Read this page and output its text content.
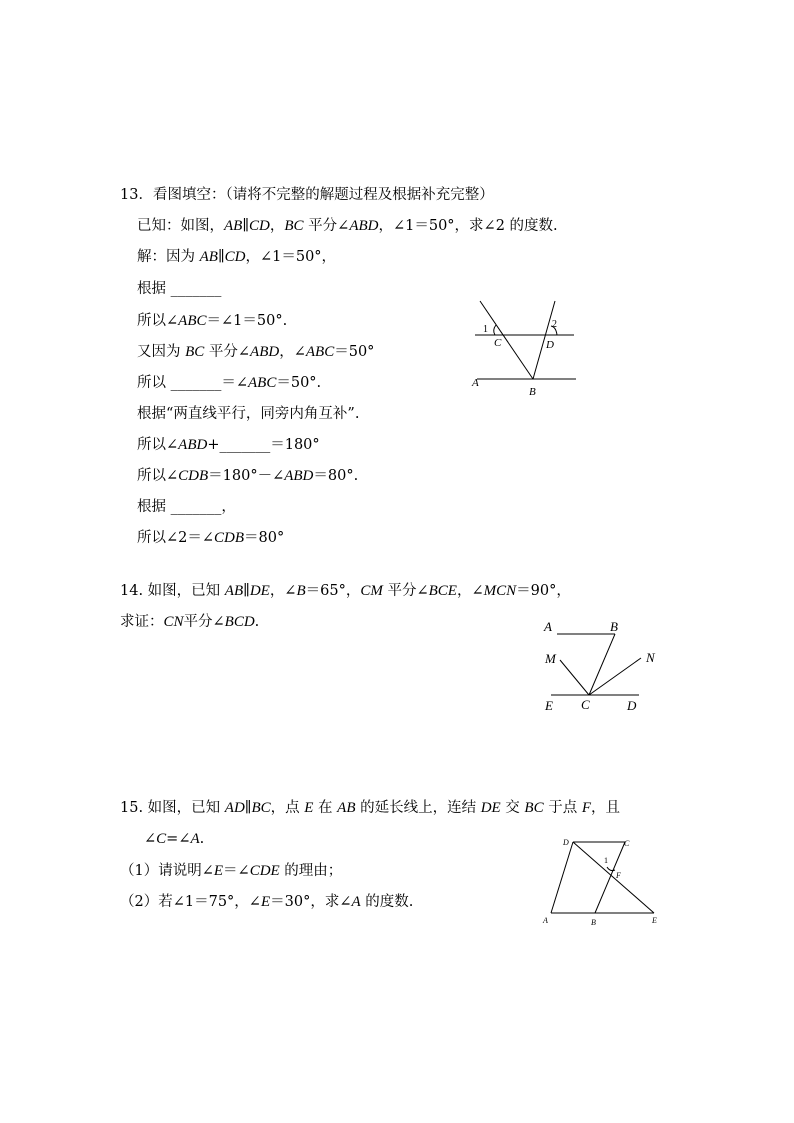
13．看图填空：（请将不完整的解题过程及根据补充完整）
已知：如图，AB∥CD，BC 平分∠ABD，∠1＝50°，求∠2 的度数.
解：因为 AB∥CD，∠1＝50°，
根据 _______
所以∠ABC＝∠1＝50°.
又因为 BC 平分∠ABD，∠ABC＝50°
所以 _______＝∠ABC＝50°.
根据“两直线平行，同旁内角互补”.
所以∠ABD+_______＝180°
所以∠CDB＝180°－∠ABD＝80°.
根据 _______，
所以∠2＝∠CDB＝80°
1	2
C	D
A
B
14. 如图，已知 AB∥DE，∠B＝65°，CM 平分∠BCE，∠MCN＝90°，
求证：CN平分∠BCD.	A	B
M	N
E C	D
15. 如图，已知 AD∥BC，点 E 在 AB 的延长线上，连结 DE 交 BC 于点 F，且
∠C=∠A.
（1）请说明∠E＝∠CDE 的理由；
（2）若∠1＝75°，∠E＝30°，求∠A 的度数.
D	C
1
F
A	B	E
